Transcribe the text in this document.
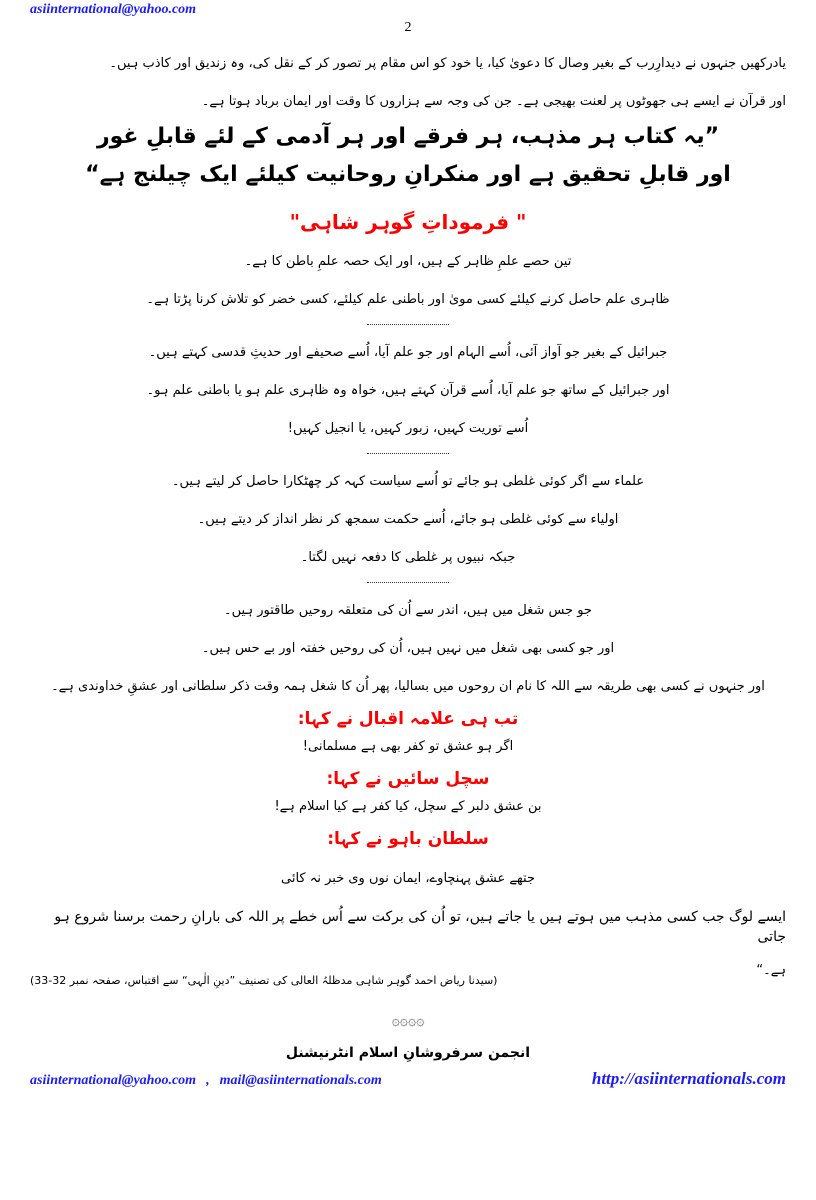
asiinternational@yahoo.com
2

یادرکھیں جنہوں نے دیدارِرب کے بغیر وصال کا دعویٰ کیا، یا خود کو اس مقام پر تصور کر کے نقل کی، وہ زندیق اور کاذب ہیں۔

اور قرآن نے ایسے ہی جھوٹوں پر لعنت بھیجی ہے۔ جن کی وجہ سے ہزاروں کا وقت اور ایمان برباد ہوتا ہے۔

”یہ کتاب ہر مذہب، ہر فرقے اور ہر آدمی کے لئے قابلِ غور

اور قابلِ تحقیق ہے اور منکرانِ روحانیت کیلئے ایک چیلنج ہے“

" فرموداتِ گوہر شاہی"

تین حصے علمِ ظاہر کے ہیں، اور ایک حصہ علمِ باطن کا ہے۔

ظاہری علم حاصل کرنے کیلئے کسی مویٰ اور باطنی علم کیلئے، کسی خضر کو تلاش کرنا پڑتا ہے۔

جبرائیل کے بغیر جو آواز آئی، اُسے الہام اور جو علم آیا، اُسے صحیفے اور حدیثِ قدسی کہتے ہیں۔

اور جبرائیل کے ساتھ جو علم آیا، اُسے قرآن کہتے ہیں، خواہ وہ ظاہری علم ہو یا باطنی علم ہو۔

اُسے توریت کہیں، زبور کہیں، یا انجیل کہیں!

علماء سے اگر کوئی غلطی ہو جائے تو اُسے سیاست کہہ کر چھٹکارا حاصل کر لیتے ہیں۔

اولیاء سے کوئی غلطی ہو جائے، اُسے حکمت سمجھ کر نظر انداز کر دیتے ہیں۔

جبکہ نبیوں پر غلطی کا دفعہ نہیں لگتا۔

جو جس شغل میں ہیں، اندر سے اُن کی متعلقہ روحیں طاقتور ہیں۔

اور جو کسی بھی شغل میں نہیں ہیں، اُن کی روحیں خفتہ اور بے حس ہیں۔

اور جنہوں نے کسی بھی طریقہ سے اللہ کا نام ان روحوں میں بسالیا، پھر اُن کا شغل ہمہ وقت ذکر سلطانی اور عشقِ خداوندی ہے۔

تب ہی علامہ اقبال نے کہا:

اگر ہو عشق تو کفر بھی ہے مسلمانی!

سچل سائیں نے کہا:

بن عشق دلبر کے سچل، کیا کفر ہے کیا اسلام ہے!

سلطان باہو نے کہا:

جتھے عشق پہنچاوے، ایمان نوں وی خبر نہ کائی

ایسے لوگ جب کسی مذہب میں ہوتے ہیں یا جاتے ہیں، تو اُن کی برکت سے اُس خطے پر اللہ کی بارانِ رحمت برسنا شروع ہو جاتی

ہے۔“

(سیدنا ریاض احمد گوہر شاہی مدظلہُ العالی کی تصنیف ”دینِ الٰہی“ سے اقتباس، صفحہ نمبر 32-33)

۞۞۞۞

انجمن سرفروشانِ اسلام انٹرنیشنل

asiinternational@yahoo.com , mail@asiinternationals.com	http://asiinternationals.com
